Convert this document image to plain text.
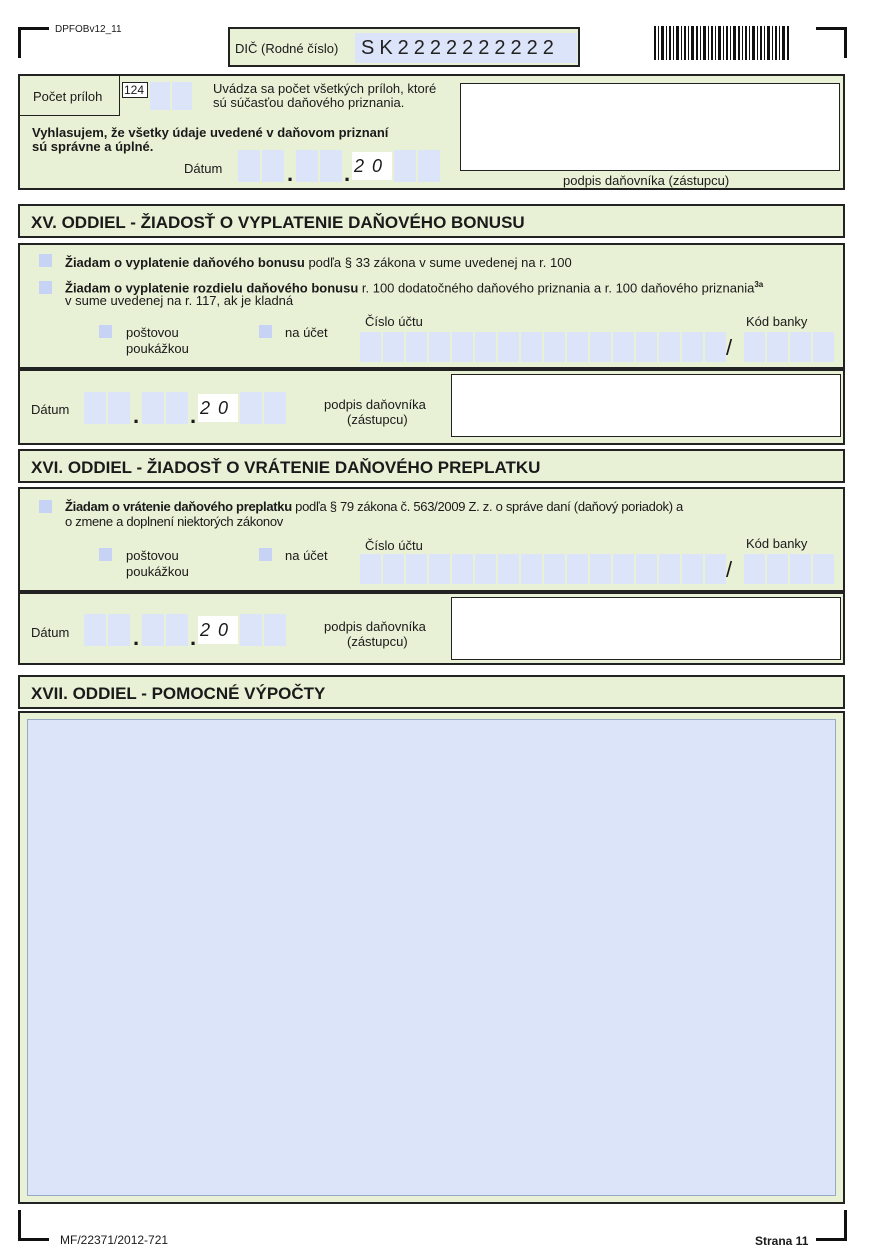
DPFOBv12_11
DIČ (Rodné číslo) SK2222222222
Počet príloh 124	Uvádza sa počet všetkých príloh, ktoré
sú súčasťou daňového priznania.
Vyhlasujem, že všetky údaje uvedené v daňovom priznaní
sú správne a úplné.
Dátum	. . 20
podpis daňovníka (zástupcu)
XV. ODDIEL - ŽIADOSŤ O VYPLATENIE DAŇOVÉHO BONUSU
Žiadam o vyplatenie daňového bonusu podľa § 33 zákona v sume uvedenej na r. 100
Žiadam o vyplatenie rozdielu daňového bonusu r. 100 dodatočného daňového priznania a r. 100 daňového priznania$^{3a}$
v sume uvedenej na r. 117, ak je kladná
poštovou
poukážkou
na účet
Číslo účtu	Kód banky
/
Dátum	. . 20	podpis daňovníka
(zástupcu)
XVI. ODDIEL - ŽIADOSŤ O VRÁTENIE DAŇOVÉHO PREPLATKU
Žiadam o vrátenie daňového preplatku podľa § 79 zákona č. 563/2009 Z. z. o správe daní (daňový poriadok) a
o zmene a doplnení niektorých zákonov
poštovou
poukážkou
na účet
Číslo účtu	Kód banky
/
Dátum	. . 20	podpis daňovníka
(zástupcu)
XVII. ODDIEL - POMOCNÉ VÝPOČTY
MF/22371/2012-721	Strana 11
